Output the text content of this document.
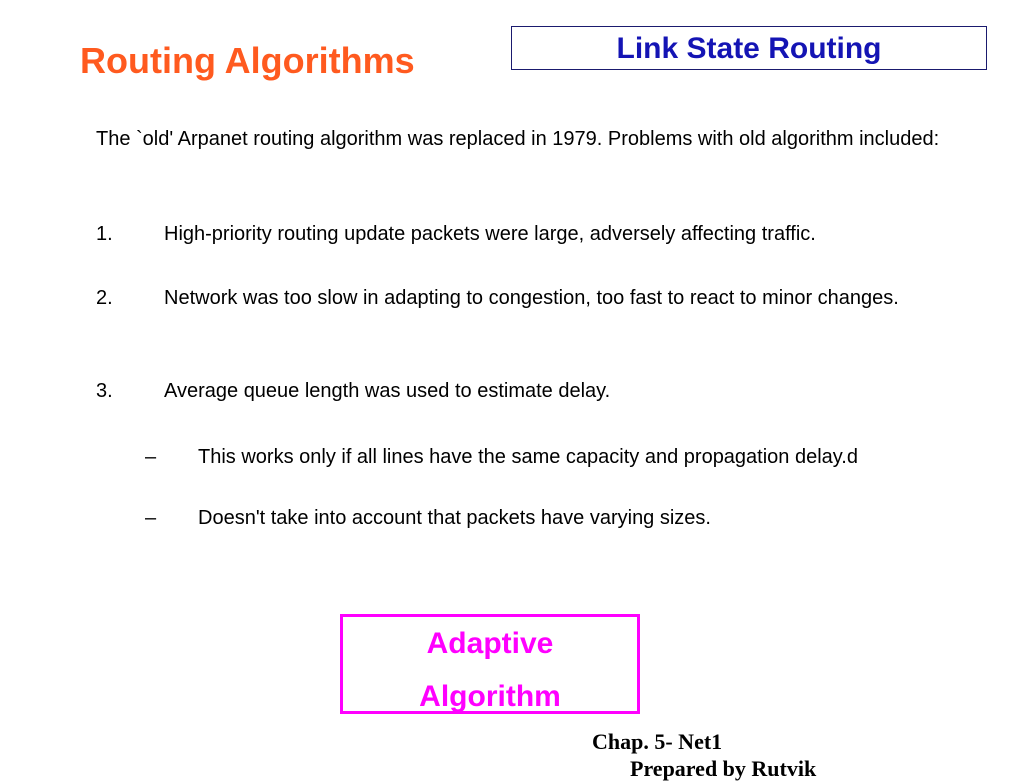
Routing Algorithms	Link State Routing
The `old' Arpanet routing algorithm was replaced in 1979. Problems with old algorithm included:
1.	High-priority routing update packets were large, adversely affecting traffic.
2.	Network was too slow in adapting to congestion, too fast to react to minor changes.
3.	Average queue length was used to estimate delay.
– This works only if all lines have the same capacity and propagation delay.d
– Doesn't take into account that packets have varying sizes.
Adaptive
Algorithm
Chap. 5- Net1
Prepared by Rutvik
